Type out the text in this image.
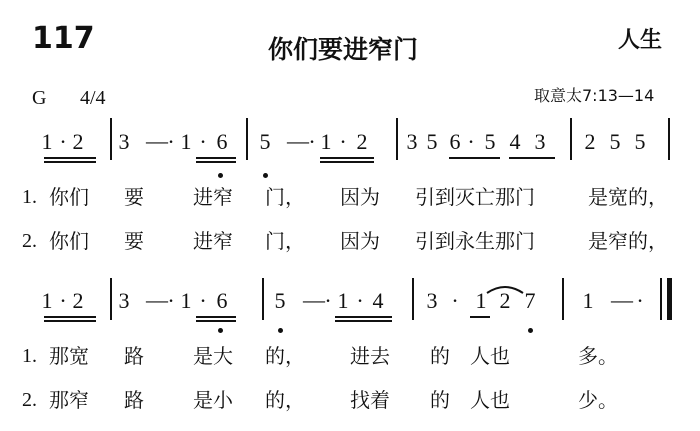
117	你们要进窄门	人生
G 4/4	取意太7:13—14
1 · 2 3 — · 1 · 6 5 — · 1 · 2 3 5 6 · 5 4 3 2 5 5
1 · 2 3 — · 1 · 6 5 — · 1 · 4 3 · 1 2 7 1 — ·
1. 你们 要 进窄 门， 因为 引到灭亡那门	是宽的，
2. 你们 要 进窄 门， 因为 引到永生那门	是窄的，
1. 那宽 路 是大 的， 进去 的 人也	多。
2. 那窄 路 是小 的， 找着 的 人也	少。
